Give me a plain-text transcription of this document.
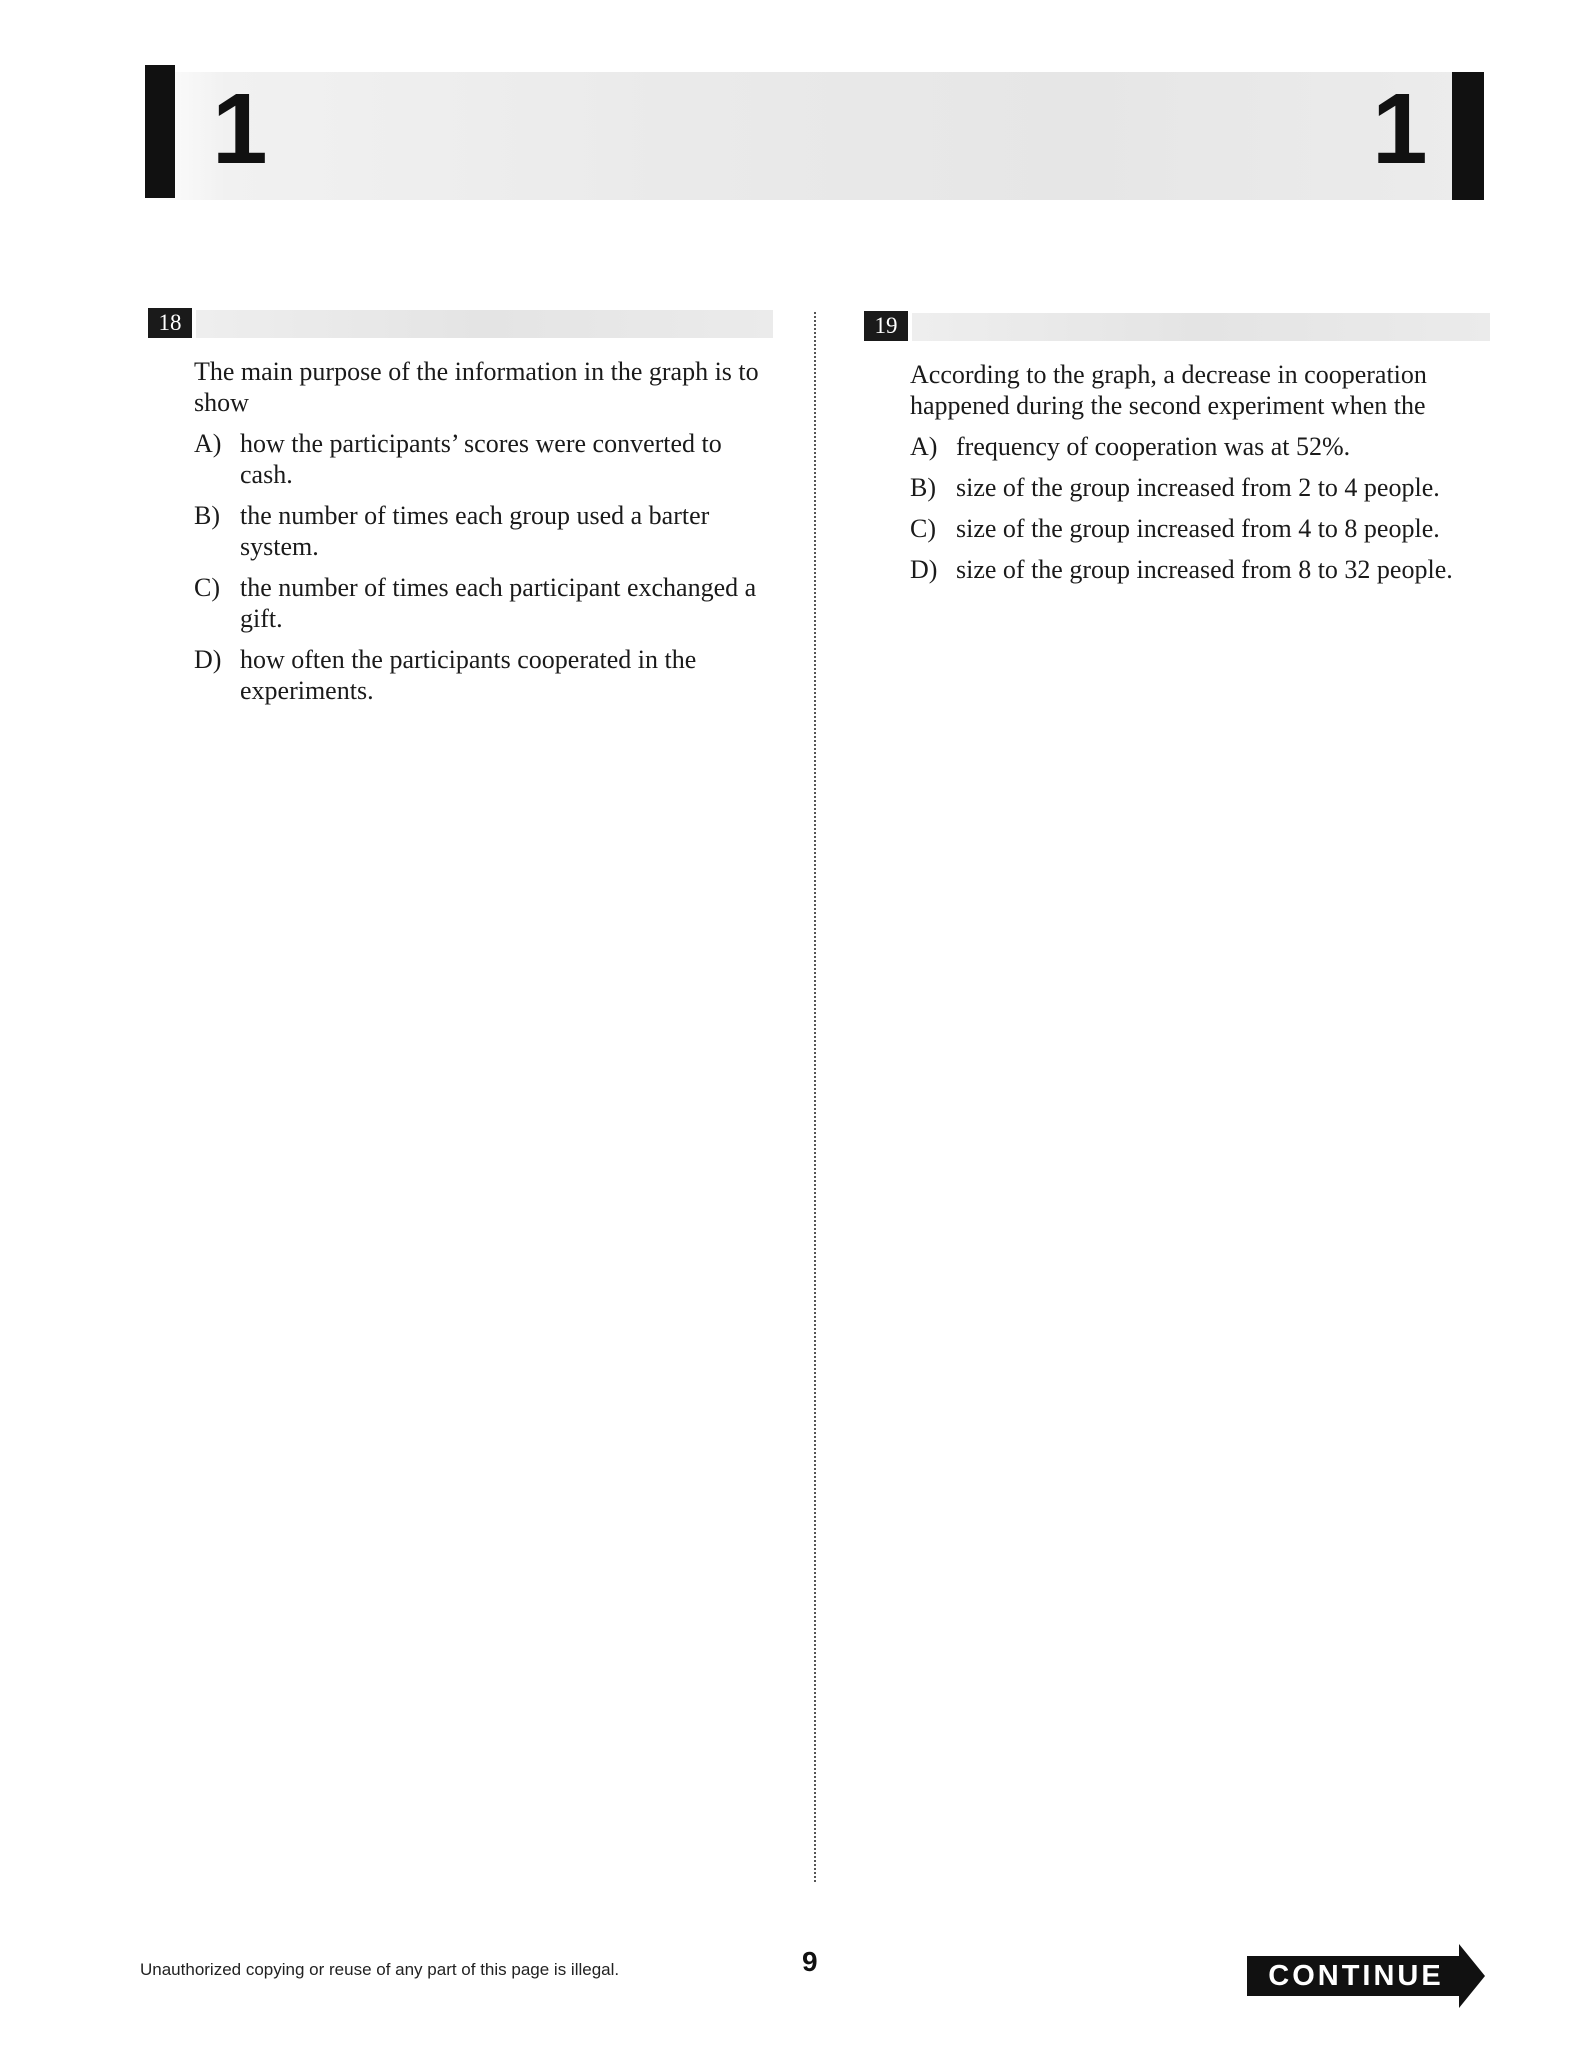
1	1
18

The main purpose of the information in the graph is to show

A) how the participants’ scores were converted to cash.
B) the number of times each group used a barter system.
C) the number of times each participant exchanged a gift.
D) how often the participants cooperated in the experiments.
19

According to the graph, a decrease in cooperation happened during the second experiment when the

A) frequency of cooperation was at 52%.
B) size of the group increased from 2 to 4 people.
C) size of the group increased from 4 to 8 people.
D) size of the group increased from 8 to 32 people.
Unauthorized copying or reuse of any part of this page is illegal.	9	CONTINUE
